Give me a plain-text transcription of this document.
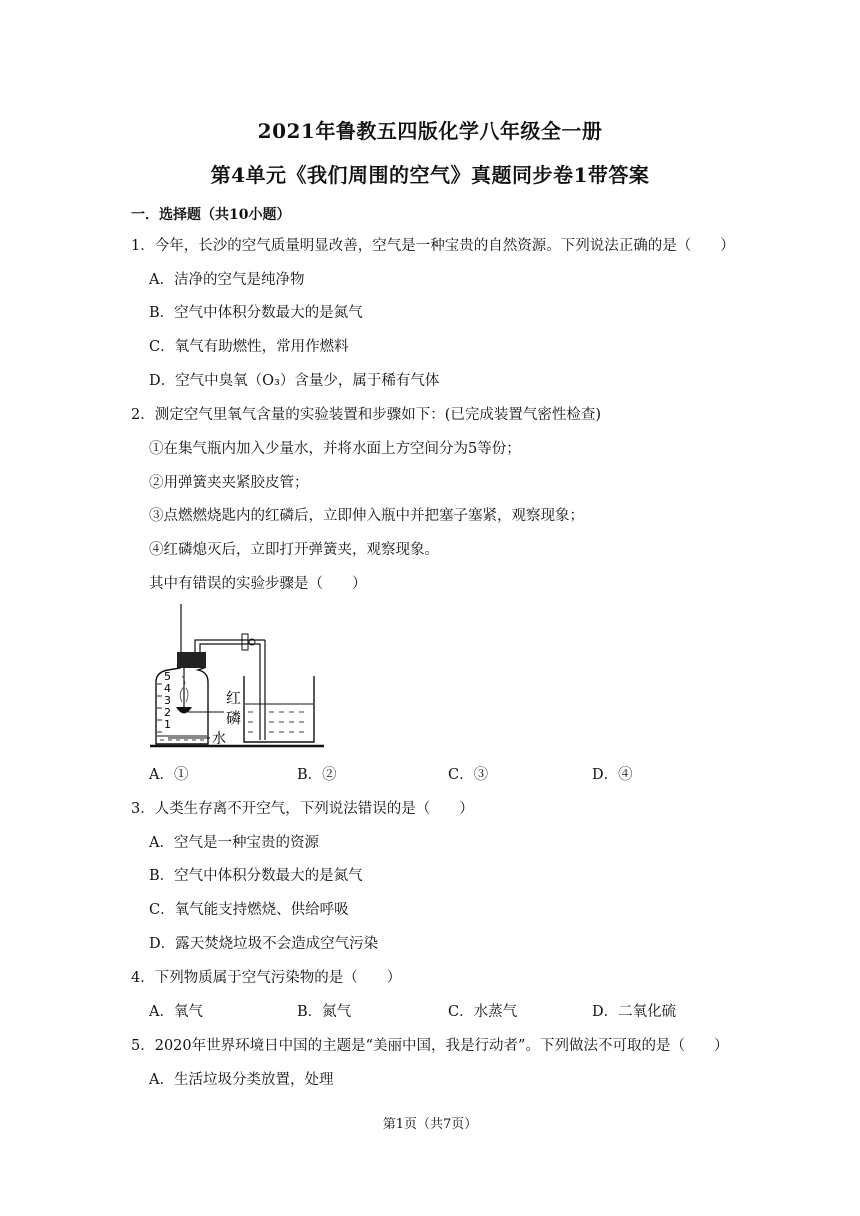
2021年鲁教五四版化学八年级全一册
第4单元《我们周围的空气》真题同步卷1带答案
一．选择题（共10小题）
1．今年，长沙的空气质量明显改善，空气是一种宝贵的自然资源。下列说法正确的是（　　）
A．洁净的空气是纯净物
B．空气中体积分数最大的是氮气
C．氧气有助燃性，常用作燃料
D．空气中臭氧（O₃）含量少，属于稀有气体
2．测定空气里氧气含量的实验装置和步骤如下：(已完成装置气密性检查)
①在集气瓶内加入少量水，并将水面上方空间分为5等份；
②用弹簧夹夹紧胶皮管；
③点燃燃烧匙内的红磷后，立即伸入瓶中并把塞子塞紧，观察现象；
④红磷熄灭后，立即打开弹簧夹，观察现象。
其中有错误的实验步骤是（　　）
5
4
3
2
1
红
磷
水
A．①	B．②	C．③	D．④
3．人类生存离不开空气，下列说法错误的是（　　）
A．空气是一种宝贵的资源
B．空气中体积分数最大的是氮气
C．氧气能支持燃烧、供给呼吸
D．露天焚烧垃圾不会造成空气污染
4．下列物质属于空气污染物的是（　　）
A．氧气	B．氮气	C．水蒸气	D．二氧化硫
5．2020年世界环境日中国的主题是“美丽中国，我是行动者”。下列做法不可取的是（　　）
A．生活垃圾分类放置，处理
第1页（共7页）
